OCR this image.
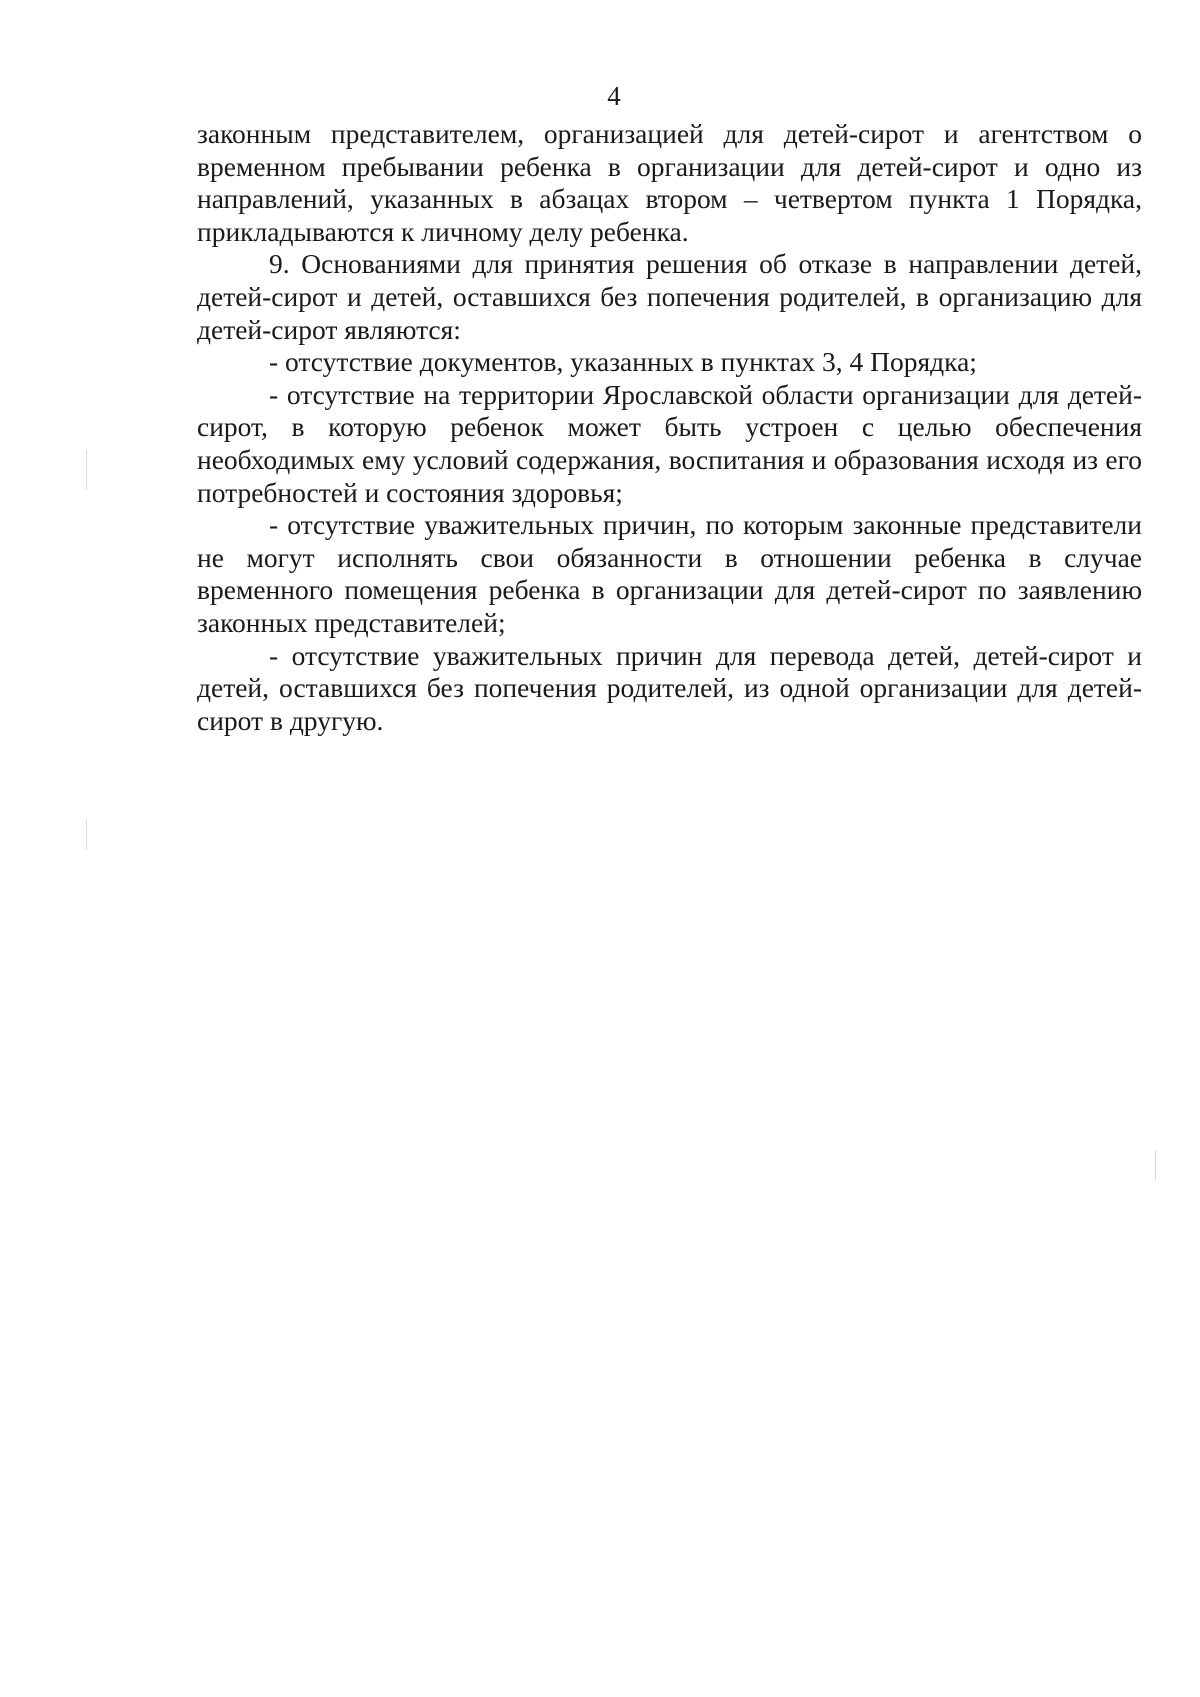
4

законным представителем, организацией для детей-сирот и агентством о временном пребывании ребенка в организации для детей-сирот и одно из направлений, указанных в абзацах втором – четвертом пункта 1 Порядка, прикладываются к личному делу ребенка.

9. Основаниями для принятия решения об отказе в направлении детей, детей-сирот и детей, оставшихся без попечения родителей, в организацию для детей-сирот являются:

- отсутствие документов, указанных в пунктах 3, 4 Порядка;

- отсутствие на территории Ярославской области организации для детей-сирот, в которую ребенок может быть устроен с целью обеспечения необходимых ему условий содержания, воспитания и образования исходя из его потребностей и состояния здоровья;

- отсутствие уважительных причин, по которым законные представители не могут исполнять свои обязанности в отношении ребенка в случае временного помещения ребенка в организации для детей-сирот по заявлению законных представителей;

- отсутствие уважительных причин для перевода детей, детей-сирот и детей, оставшихся без попечения родителей, из одной организации для детей-сирот в другую.
